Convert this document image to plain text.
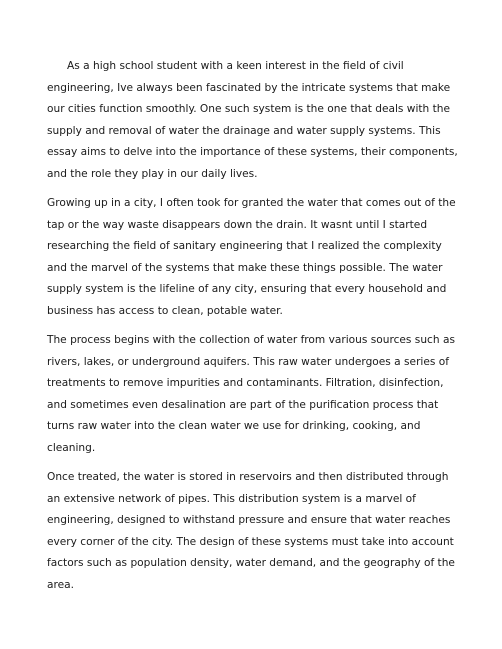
As a high school student with a keen interest in the field of civil engineering, Ive always been fascinated by the intricate systems that make our cities function smoothly. One such system is the one that deals with the supply and removal of water the drainage and water supply systems. This essay aims to delve into the importance of these systems, their components, and the role they play in our daily lives.

Growing up in a city, I often took for granted the water that comes out of the tap or the way waste disappears down the drain. It wasnt until I started researching the field of sanitary engineering that I realized the complexity and the marvel of the systems that make these things possible. The water supply system is the lifeline of any city, ensuring that every household and business has access to clean, potable water.

The process begins with the collection of water from various sources such as rivers, lakes, or underground aquifers. This raw water undergoes a series of treatments to remove impurities and contaminants. Filtration, disinfection, and sometimes even desalination are part of the purification process that turns raw water into the clean water we use for drinking, cooking, and cleaning.

Once treated, the water is stored in reservoirs and then distributed through an extensive network of pipes. This distribution system is a marvel of engineering, designed to withstand pressure and ensure that water reaches every corner of the city. The design of these systems must take into account factors such as population density, water demand, and the geography of the area.
